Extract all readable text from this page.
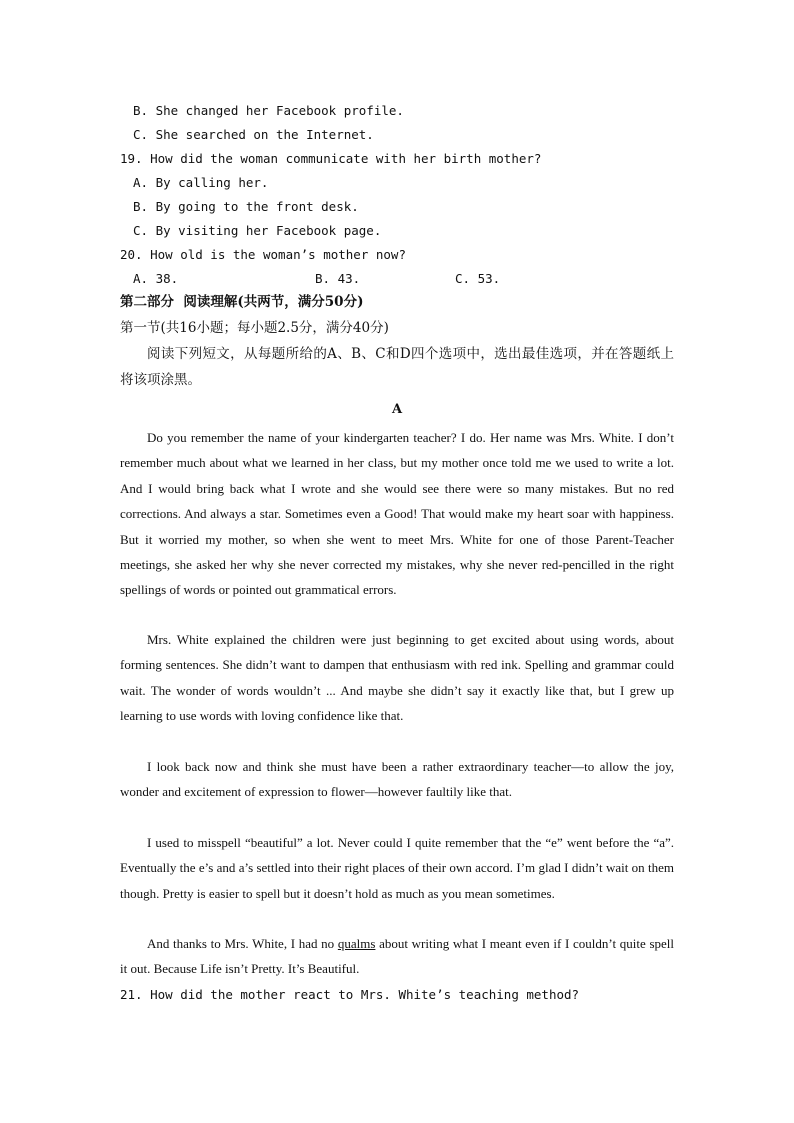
B. She changed her Facebook profile.
C. She searched on the Internet.
19. How did the woman communicate with her birth mother?
A. By calling her.
B. By going to the front desk.
C. By visiting her Facebook page.
20. How old is the woman’s mother now?

A. 38.

	B. 43.

	C. 53.

第二部分  阅读理解(共两节，满分50分)
第一节(共16小题；每小题2.5分，满分40分)
阅读下列短文，从每题所给的A、B、C和D四个选项中，选出最佳选项，并在答题纸上
将该项涂黑。
A

Do you remember the name of your kindergarten teacher? I do. Her name was Mrs. White. I don’t remember much about what we learned in her class, but my mother once told me we used to write a lot. And I would bring back what I wrote and she would see there were so many mistakes. But no red corrections. And always a star. Sometimes even a Good! That would make my heart soar with happiness. But it worried my mother, so when she went to meet Mrs. White for one of those Parent-Teacher meetings, she asked her why she never corrected my mistakes, why she never red-pencilled in the right spellings of words or pointed out grammatical errors.

Mrs. White explained the children were just beginning to get excited about using words, about forming sentences. She didn’t want to dampen that enthusiasm with red ink. Spelling and grammar could wait. The wonder of words wouldn’t ... And maybe she didn’t say it exactly like that, but I grew up learning to use words with loving confidence like that.

I look back now and think she must have been a rather extraordinary teacher—to allow the joy, wonder and excitement of expression to flower—however faultily like that.

I used to misspell “beautiful” a lot. Never could I quite remember that the “e” went before the “a”. Eventually the e’s and a’s settled into their right places of their own accord. I’m glad I didn’t wait on them though. Pretty is easier to spell but it doesn’t hold as much as you mean sometimes.

And thanks to Mrs. White, I had no qualms about writing what I meant even if I couldn’t quite spell it out. Because Life isn’t Pretty. It’s Beautiful.

21. How did the mother react to Mrs. White’s teaching method?
